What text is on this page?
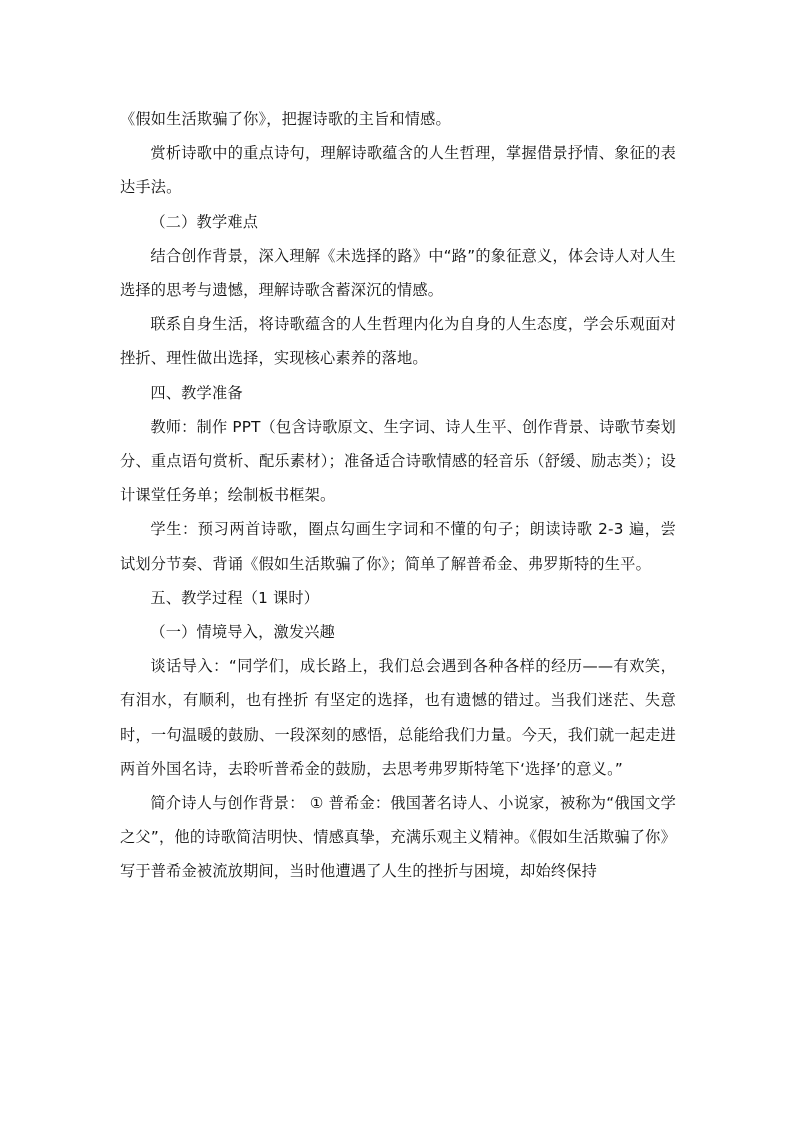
《假如生活欺骗了你》，把握诗歌的主旨和情感。

赏析诗歌中的重点诗句，理解诗歌蕴含的人生哲理，掌握借景抒情、象征的表达手法。

（二）教学难点

结合创作背景，深入理解《未选择的路》中“路”的象征意义，体会诗人对人生选择的思考与遗憾，理解诗歌含蓄深沉的情感。

联系自身生活，将诗歌蕴含的人生哲理内化为自身的人生态度，学会乐观面对挫折、理性做出选择，实现核心素养的落地。

四、教学准备

教师：制作 PPT（包含诗歌原文、生字词、诗人生平、创作背景、诗歌节奏划分、重点语句赏析、配乐素材）；准备适合诗歌情感的轻音乐（舒缓、励志类）；设计课堂任务单；绘制板书框架。

学生：预习两首诗歌，圈点勾画生字词和不懂的句子；朗读诗歌 2-3 遍，尝试划分节奏、背诵《假如生活欺骗了你》；简单了解普希金、弗罗斯特的生平。

五、教学过程（1 课时）

（一）情境导入，激发兴趣

谈话导入：“同学们，成长路上，我们总会遇到各种各样的经历——有欢笑，有泪水，有顺利，也有挫折 有坚定的选择，也有遗憾的错过。当我们迷茫、失意时，一句温暖的鼓励、一段深刻的感悟，总能给我们力量。今天，我们就一起走进两首外国名诗，去聆听普希金的鼓励，去思考弗罗斯特笔下‘选择’的意义。”

简介诗人与创作背景： ① 普希金：俄国著名诗人、小说家，被称为“俄国文学之父”，他的诗歌简洁明快、情感真挚，充满乐观主义精神。《假如生活欺骗了你》写于普希金被流放期间，当时他遭遇了人生的挫折与困境，却始终保持
